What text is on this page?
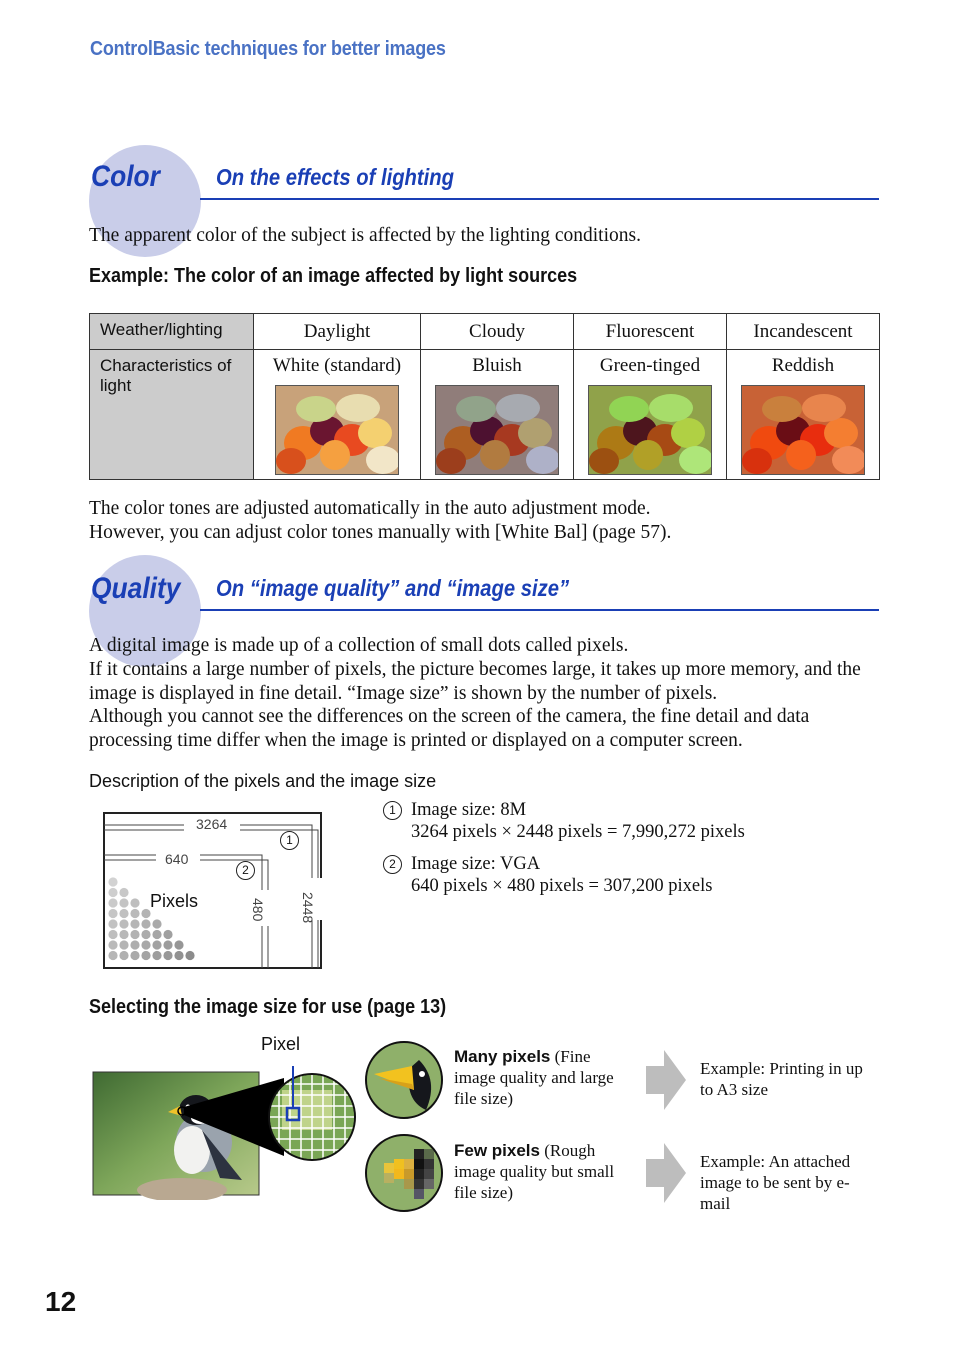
ControlBasic techniques for better images
Color On the effects of lighting
The apparent color of the subject is affected by the lighting conditions.
Example: The color of an image affected by light sources
Weather/lighting	Daylight	Cloudy	Fluorescent	Incandescent
Characteristics of light	White (standard)	Bluish	Green-tinged	Reddish
The color tones are adjusted automatically in the auto adjustment mode.
However, you can adjust color tones manually with [White Bal] (page 57).
Quality On “image quality” and “image size”
A digital image is made up of a collection of small dots called pixels.
If it contains a large number of pixels, the picture becomes large, it takes up more memory, and the image is displayed in fine detail. “Image size” is shown by the number of pixels.
Although you cannot see the differences on the screen of the camera, the fine detail and data processing time differ when the image is printed or displayed on a computer screen.
Description of the pixels and the image size
3264
640
2448
480
Pixels
1
2
1 Image size: 8M
3264 pixels × 2448 pixels = 7,990,272 pixels
2 Image size: VGA
640 pixels × 480 pixels = 307,200 pixels
Selecting the image size for use (page 13)
Pixel
Many pixels (Fine image quality and large file size)
Example: Printing in up to A3 size
Few pixels (Rough image quality but small file size)
Example: An attached image to be sent by e-mail
12
